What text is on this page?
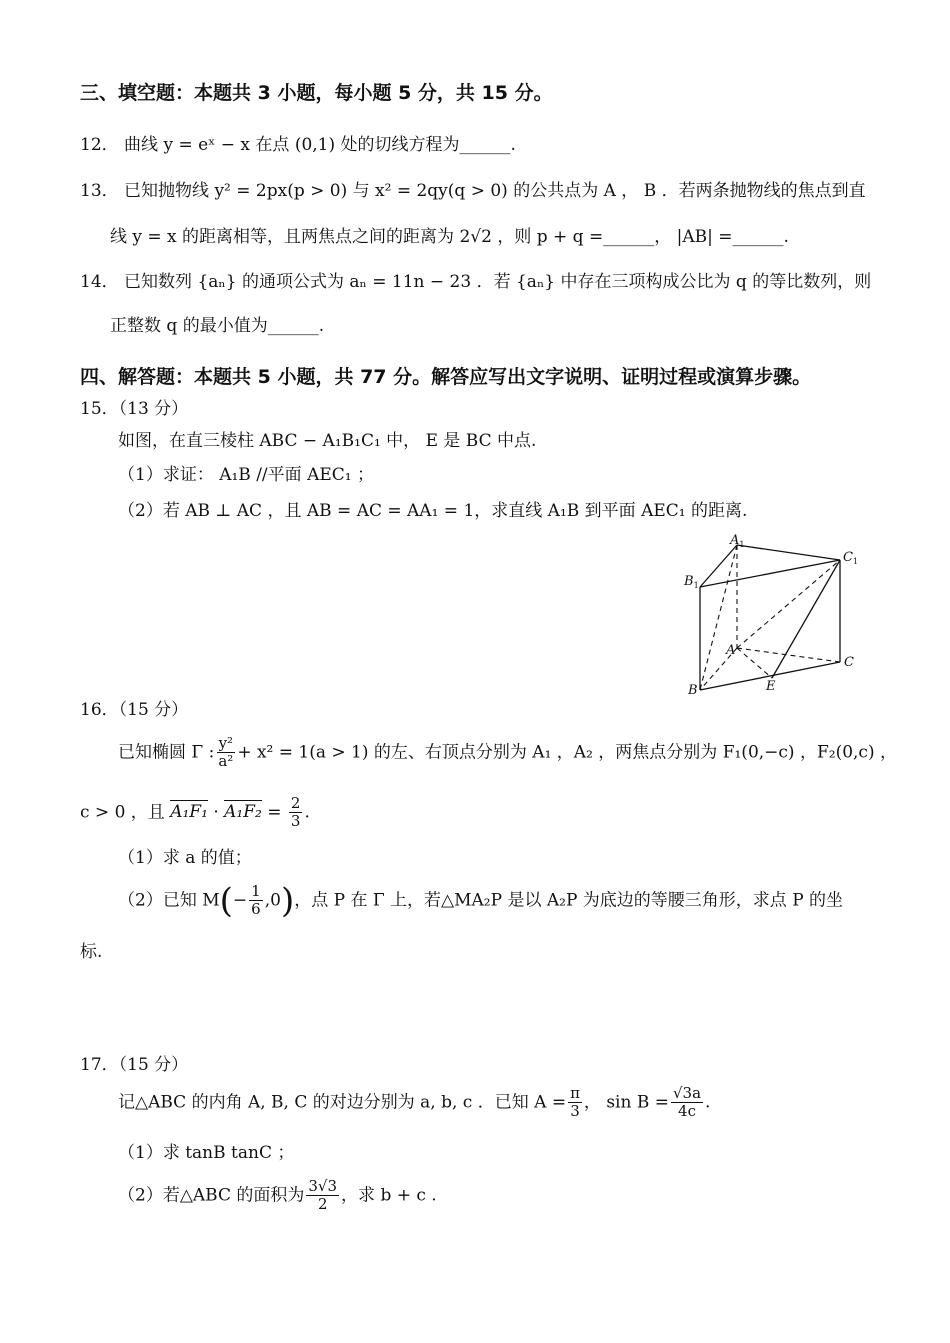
三、填空题：本题共 3 小题，每小题 5 分，共 15 分。
12． 曲线 y = eˣ − x 在点 (0,1) 处的切线方程为______.
13． 已知抛物线 y² = 2px(p > 0) 与 x² = 2qy(q > 0) 的公共点为 A ， B ．若两条抛物线的焦点到直
线 y = x 的距离相等，且两焦点之间的距离为 2√2 ，则 p + q =______， |AB| =______.
14． 已知数列 {aₙ} 的通项公式为 aₙ = 11n − 23 ．若 {aₙ} 中存在三项构成公比为 q 的等比数列，则
正整数 q 的最小值为______.
四、解答题：本题共 5 小题，共 77 分。解答应写出文字说明、证明过程或演算步骤。
15．（13 分）
如图，在直三棱柱 ABC − A₁B₁C₁ 中， E 是 BC 中点.
（1）求证： A₁B //平面 AEC₁ ；
（2）若 AB ⊥ AC ，且 AB = AC = AA₁ = 1，求直线 A₁B 到平面 AEC₁ 的距离.
$A_1$
$B_1$
$C_1$
A
B
C
E
16．（15 分）
已知椭圆 Γ : $\frac{\text{y²}}{\text{a²}} + x^2 = 1(a > 1)$ 的左、右顶点分别为 A₁ ，A₂ ，两焦点分别为 F₁(0,−c) ，F₂(0,c) ，
c > 0 ，且 $A_1F_1 \cdot A_1F_2 = \frac{2}{3}$ .
（1）求 a 的值；
（2）已知 $M(- \frac{1}{6} ,0)$，点 P 在 Γ 上，若△MA₂P 是以 A₂P 为底边的等腰三角形，求点 P 的坐
标.
17．（15 分）
记△ABC 的内角 A, B, C 的对边分别为 a, b, c ．已知 $A = \frac{\pi}{3}$ ， $\sin B = \frac{√3a}{4c}$ .
（1）求 tanB tanC ；
（2）若△ABC 的面积为 $\frac{3√3}{2}$ ，求 b + c .
